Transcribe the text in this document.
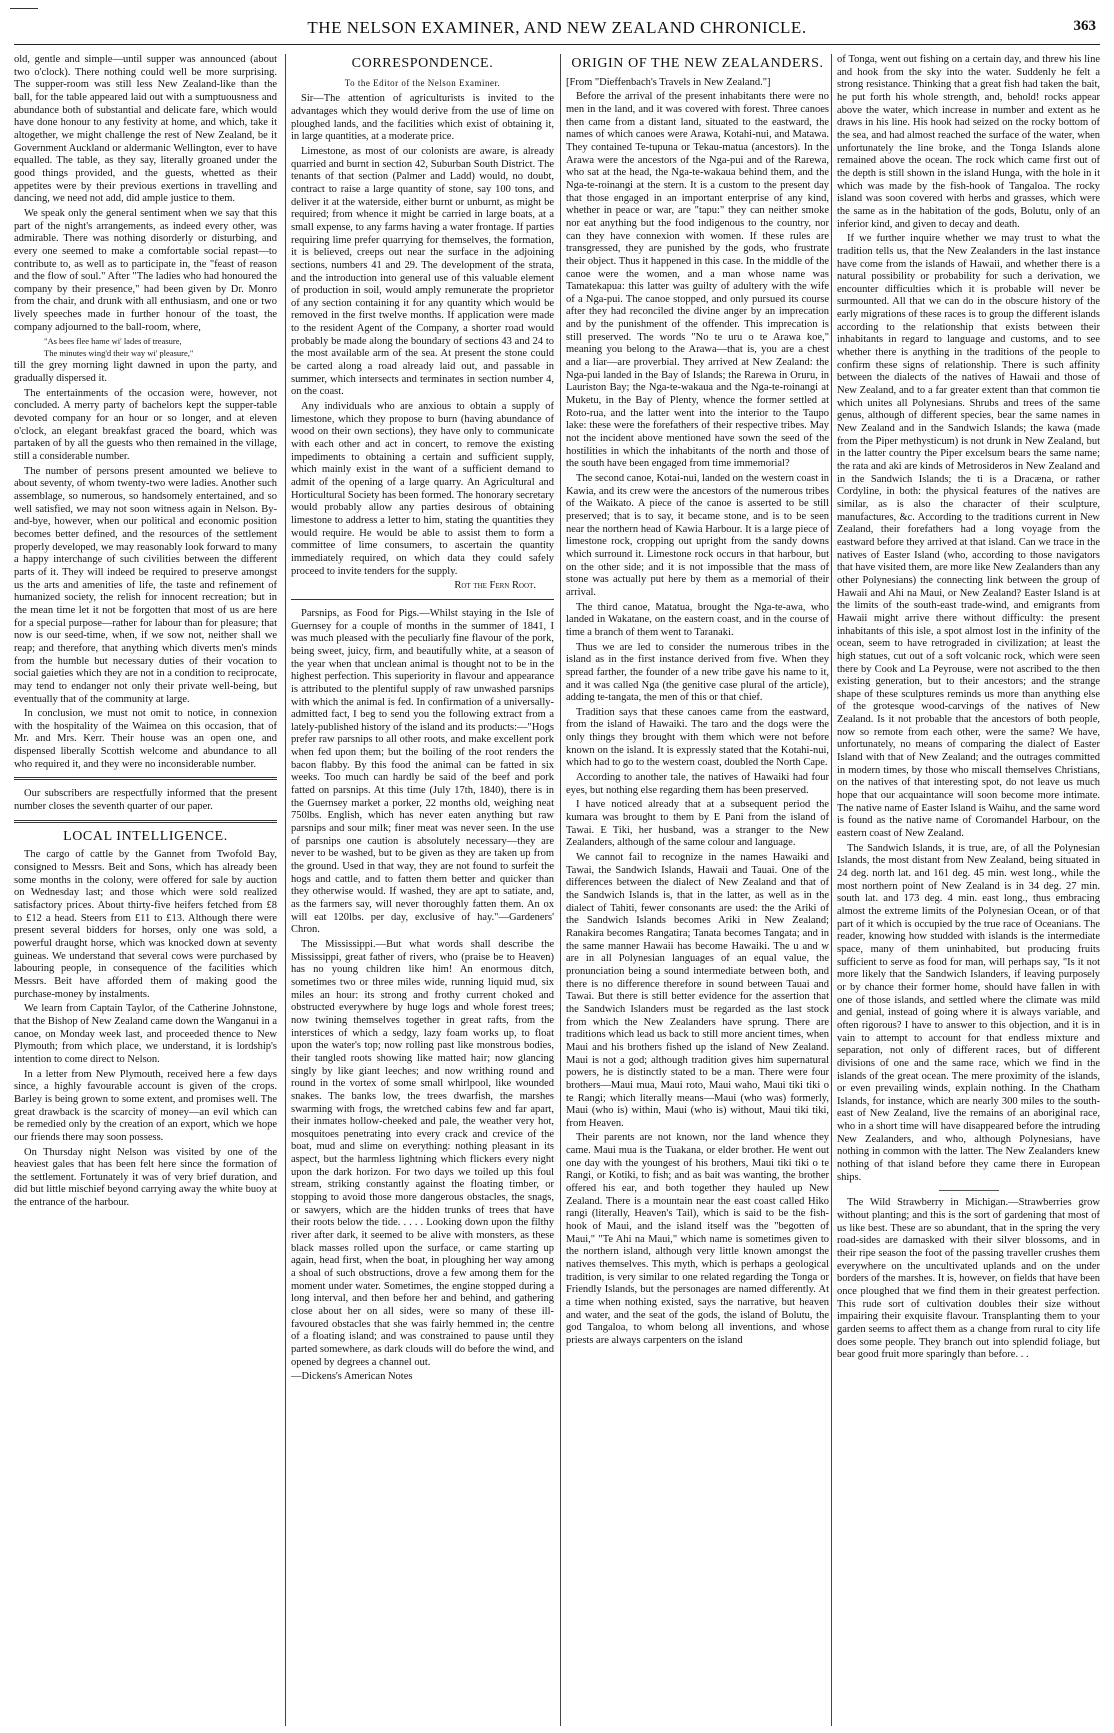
THE NELSON EXAMINER, AND NEW ZEALAND CHRONICLE.	363

old, gentle and simple—until supper was announced (about two o'clock). There nothing could well be more surprising. The supper-room was still less New Zealand-like than the ball, for the table appeared laid out with a sumptuousness and abundance both of substantial and delicate fare, which would have done honour to any festivity at home, and which, take it altogether, we might challenge the rest of New Zealand, be it Government Auckland or aldermanic Wellington, ever to have equalled. The table, as they say, literally groaned under the good things provided, and the guests, whetted as their appetites were by their previous exertions in travelling and dancing, we need not add, did ample justice to them.

We speak only the general sentiment when we say that this part of the night's arrangements, as indeed every other, was admirable. There was nothing disorderly or disturbing, and every one seemed to make a comfortable social repast—to contribute to, as well as to participate in, the "feast of reason and the flow of soul." After "The ladies who had honoured the company by their presence," had been given by Dr. Monro from the chair, and drunk with all enthusiasm, and one or two lively speeches made in further honour of the toast, the company adjourned to the ball-room, where,

"As bees flee hame wi' lades of treasure,

The minutes wing'd their way wi' pleasure,"

till the grey morning light dawned in upon the party, and gradually dispersed it.

The entertainments of the occasion were, however, not concluded. A merry party of bachelors kept the supper-table devoted company for an hour or so longer, and at eleven o'clock, an elegant breakfast graced the board, which was partaken of by all the guests who then remained in the village, still a considerable number.

The number of persons present amounted we believe to about seventy, of whom twenty-two were ladies. Another such assemblage, so numerous, so handsomely entertained, and so well satisfied, we may not soon witness again in Nelson. By-and-bye, however, when our political and economic position becomes better defined, and the resources of the settlement properly developed, we may reasonably look forward to many a happy interchange of such civilities between the different parts of it. They will indeed be required to preserve amongst us the arts and amenities of life, the taste and refinement of humanized society, the relish for innocent recreation; but in the mean time let it not be forgotten that most of us are here for a special purpose—rather for labour than for pleasure; that now is our seed-time, when, if we sow not, neither shall we reap; and therefore, that anything which diverts men's minds from the humble but necessary duties of their vocation to social gaieties which they are not in a condition to reciprocate, may tend to endanger not only their private well-being, but eventually that of the community at large.

In conclusion, we must not omit to notice, in connexion with the hospitality of the Waimea on this occasion, that of Mr. and Mrs. Kerr. Their house was an open one, and dispensed liberally Scottish welcome and abundance to all who required it, and they were no inconsiderable number.

Our subscribers are respectfully informed that the present number closes the seventh quarter of our paper.

LOCAL INTELLIGENCE.

The cargo of cattle by the Gannet from Twofold Bay, consigned to Messrs. Beit and Sons, which has already been some months in the colony, were offered for sale by auction on Wednesday last; and those which were sold realized satisfactory prices. About thirty-five heifers fetched from £8 to £12 a head. Steers from £11 to £13. Although there were present several bidders for horses, only one was sold, a powerful draught horse, which was knocked down at seventy guineas. We understand that several cows were purchased by labouring people, in consequence of the facilities which Messrs. Beit have afforded them of making good the purchase-money by instalments.

We learn from Captain Taylor, of the Catherine Johnstone, that the Bishop of New Zealand came down the Wanganui in a canoe, on Monday week last, and proceeded thence to New Plymouth; from which place, we understand, it is lordship's intention to come direct to Nelson.

In a letter from New Plymouth, received here a few days since, a highly favourable account is given of the crops. Barley is being grown to some extent, and promises well. The great drawback is the scarcity of money—an evil which can be remedied only by the creation of an export, which we hope our friends there may soon possess.

On Thursday night Nelson was visited by one of the heaviest gales that has been felt here since the formation of the settlement. Fortunately it was of very brief duration, and did but little mischief beyond carrying away the white buoy at the entrance of the harbour.

CORRESPONDENCE.
To the Editor of the Nelson Examiner.

Sir—The attention of agriculturists is invited to the advantages which they would derive from the use of lime on ploughed lands, and the facilities which exist of obtaining it, in large quantities, at a moderate price.

Limestone, as most of our colonists are aware, is already quarried and burnt in section 42, Suburban South District. The tenants of that section (Palmer and Ladd) would, no doubt, contract to raise a large quantity of stone, say 100 tons, and deliver it at the waterside, either burnt or unburnt, as might be required; from whence it might be carried in large boats, at a small expense, to any farms having a water frontage. If parties requiring lime prefer quarrying for themselves, the formation, it is believed, creeps out near the surface in the adjoining sections, numbers 41 and 29. The development of the strata, and the introduction into general use of this valuable element of production in soil, would amply remunerate the proprietor of any section containing it for any quantity which would be removed in the first twelve months. If application were made to the resident Agent of the Company, a shorter road would probably be made along the boundary of sections 43 and 24 to the most available arm of the sea. At present the stone could be carted along a road already laid out, and passable in summer, which intersects and terminates in section number 4, on the coast.

Any individuals who are anxious to obtain a supply of limestone, which they propose to burn (having abundance of wood on their own sections), they have only to communicate with each other and act in concert, to remove the existing impediments to obtaining a certain and sufficient supply, which mainly exist in the want of a sufficient demand to admit of the opening of a large quarry. An Agricultural and Horticultural Society has been formed. The honorary secretary would probably allow any parties desirous of obtaining limestone to address a letter to him, stating the quantities they would require. He would be able to assist them to form a committee of lime consumers, to ascertain the quantity immediately required, on which data they could safely proceed to invite tenders for the supply.

Rot the Fern Root.

Parsnips, as Food for Pigs.—Whilst staying in the Isle of Guernsey for a couple of months in the summer of 1841, I was much pleased with the peculiarly fine flavour of the pork, being sweet, juicy, firm, and beautifully white, at a season of the year when that unclean animal is thought not to be in the highest perfection. This superiority in flavour and appearance is attributed to the plentiful supply of raw unwashed parsnips with which the animal is fed. In confirmation of a universally-admitted fact, I beg to send you the following extract from a lately-published history of the island and its products:—"Hogs prefer raw parsnips to all other roots, and make excellent pork when fed upon them; but the boiling of the root renders the bacon flabby. By this food the animal can be fatted in six weeks. Too much can hardly be said of the beef and pork fatted on parsnips. At this time (July 17th, 1840), there is in the Guernsey market a porker, 22 months old, weighing neat 750lbs. English, which has never eaten anything but raw parsnips and sour milk; finer meat was never seen. In the use of parsnips one caution is absolutely necessary—they are never to be washed, but to be given as they are taken up from the ground. Used in that way, they are not found to surfeit the hogs and cattle, and to fatten them better and quicker than they otherwise would. If washed, they are apt to satiate, and, as the farmers say, will never thoroughly fatten them. An ox will eat 120lbs. per day, exclusive of hay."—Gardeners' Chron.

The Mississippi.—But what words shall describe the Mississippi, great father of rivers, who (praise be to Heaven) has no young children like him! An enormous ditch, sometimes two or three miles wide, running liquid mud, six miles an hour: its strong and frothy current choked and obstructed everywhere by huge logs and whole forest trees; now twining themselves together in great rafts, from the interstices of which a sedgy, lazy foam works up, to float upon the water's top; now rolling past like monstrous bodies, their tangled roots showing like matted hair; now glancing singly by like giant leeches; and now writhing round and round in the vortex of some small whirlpool, like wounded snakes. The banks low, the trees dwarfish, the marshes swarming with frogs, the wretched cabins few and far apart, their inmates hollow-cheeked and pale, the weather very hot, mosquitoes penetrating into every crack and crevice of the boat, mud and slime on everything: nothing pleasant in its aspect, but the harmless lightning which flickers every night upon the dark horizon. For two days we toiled up this foul stream, striking constantly against the floating timber, or stopping to avoid those more dangerous obstacles, the snags, or sawyers, which are the hidden trunks of trees that have their roots below the tide. . . . . Looking down upon the filthy river after dark, it seemed to be alive with monsters, as these black masses rolled upon the surface, or came starting up again, head first, when the boat, in ploughing her way among a shoal of such obstructions, drove a few among them for the moment under water. Sometimes, the engine stopped during a long interval, and then before her and behind, and gathering close about her on all sides, were so many of these ill-favoured obstacles that she was fairly hemmed in; the centre of a floating island; and was constrained to pause until they parted somewhere, as dark clouds will do before the wind, and opened by degrees a channel out.

—Dickens's American Notes

ORIGIN OF THE NEW ZEALANDERS.

[From "Dieffenbach's Travels in New Zealand."]

Before the arrival of the present inhabitants there were no men in the land, and it was covered with forest. Three canoes then came from a distant land, situated to the eastward, the names of which canoes were Arawa, Kotahi-nui, and Matawa. They contained Te-tupuna or Tekau-matua (ancestors). In the Arawa were the ancestors of the Nga-pui and of the Rarewa, who sat at the head, the Nga-te-wakaua behind them, and the Nga-te-roinangi at the stern. It is a custom to the present day that those engaged in an important enterprise of any kind, whether in peace or war, are "tapu:" they can neither smoke nor eat anything but the food indigenous to the country, nor can they have connexion with women. If these rules are transgressed, they are punished by the gods, who frustrate their object. Thus it happened in this case. In the middle of the canoe were the women, and a man whose name was Tamatekapua: this latter was guilty of adultery with the wife of a Nga-pui. The canoe stopped, and only pursued its course after they had reconciled the divine anger by an imprecation and by the punishment of the offender. This imprecation is still preserved. The words "No te uru o te Arawa koe," meaning you belong to the Arawa—that is, you are a chest and a liar—are proverbial. They arrived at New Zealand: the Nga-pui landed in the Bay of Islands; the Rarewa in Oruru, in Lauriston Bay; the Nga-te-wakaua and the Nga-te-roinangi at Muketu, in the Bay of Plenty, whence the former settled at Roto-rua, and the latter went into the interior to the Taupo lake: these were the forefathers of their respective tribes. May not the incident above mentioned have sown the seed of the hostilities in which the inhabitants of the north and those of the south have been engaged from time immemorial?

The second canoe, Kotai-nui, landed on the western coast in Kawia, and its crew were the ancestors of the numerous tribes of the Waikato. A piece of the canoe is asserted to be still preserved; that is to say, it became stone, and is to be seen near the northern head of Kawia Harbour. It is a large piece of limestone rock, cropping out upright from the sandy downs which surround it. Limestone rock occurs in that harbour, but on the other side; and it is not impossible that the mass of stone was actually put here by them as a memorial of their arrival.

The third canoe, Matatua, brought the Nga-te-awa, who landed in Wakatane, on the eastern coast, and in the course of time a branch of them went to Taranaki.

Thus we are led to consider the numerous tribes in the island as in the first instance derived from five. When they spread farther, the founder of a new tribe gave his name to it, and it was called Nga (the genitive case plural of the article), adding te-tangata, the men of this or that chief.

Tradition says that these canoes came from the eastward, from the island of Hawaiki. The taro and the dogs were the only things they brought with them which were not before known on the island. It is expressly stated that the Kotahi-nui, which had to go to the western coast, doubled the North Cape.

According to another tale, the natives of Hawaiki had four eyes, but nothing else regarding them has been preserved.

I have noticed already that at a subsequent period the kumara was brought to them by E Pani from the island of Tawai. E Tiki, her husband, was a stranger to the New Zealanders, although of the same colour and language.

We cannot fail to recognize in the names Hawaiki and Tawai, the Sandwich Islands, Hawaii and Tauai. One of the differences between the dialect of New Zealand and that of the Sandwich Islands is, that in the latter, as well as in the dialect of Tahiti, fewer consonants are used: the the Ariki of the Sandwich Islands becomes Ariki in New Zealand; Ranakira becomes Rangatira; Tanata becomes Tangata; and in the same manner Hawaii has become Hawaiki. The u and w are in all Polynesian languages of an equal value, the pronunciation being a sound intermediate between both, and there is no difference therefore in sound between Tauai and Tawai. But there is still better evidence for the assertion that the Sandwich Islanders must be regarded as the last stock from which the New Zealanders have sprung. There are traditions which lead us back to still more ancient times, when Maui and his brothers fished up the island of New Zealand. Maui is not a god; although tradition gives him supernatural powers, he is distinctly stated to be a man. There were four brothers—Maui mua, Maui roto, Maui waho, Maui tiki tiki o te Rangi; which literally means—Maui (who was) formerly, Maui (who is) within, Maui (who is) without, Maui tiki tiki, from Heaven.

Their parents are not known, nor the land whence they came. Maui mua is the Tuakana, or elder brother. He went out one day with the youngest of his brothers, Maui tiki tiki o te Rangi, or Kotiki, to fish; and as bait was wanting, the brother offered his ear, and both together they hauled up New Zealand. There is a mountain near the east coast called Hiko rangi (literally, Heaven's Tail), which is said to be the fish-hook of Maui, and the island itself was the "begotten of Maui," "Te Ahi na Maui," which name is sometimes given to the northern island, although very little known amongst the natives themselves. This myth, which is perhaps a geological tradition, is very similar to one related regarding the Tonga or Friendly Islands, but the personages are named differently. At a time when nothing existed, says the narrative, but heaven and water, and the seat of the gods, the island of Bolutu, the god Tangaloa, to whom belong all inventions, and whose priests are always carpenters on the island

of Tonga, went out fishing on a certain day, and threw his line and hook from the sky into the water. Suddenly he felt a strong resistance. Thinking that a great fish had taken the bait, he put forth his whole strength, and, behold! rocks appear above the water, which increase in number and extent as he draws in his line. His hook had seized on the rocky bottom of the sea, and had almost reached the surface of the water, when unfortunately the line broke, and the Tonga Islands alone remained above the ocean. The rock which came first out of the depth is still shown in the island Hunga, with the hole in it which was made by the fish-hook of Tangaloa. The rocky island was soon covered with herbs and grasses, which were the same as in the habitation of the gods, Bolutu, only of an inferior kind, and given to decay and death.

If we further inquire whether we may trust to what the tradition tells us, that the New Zealanders in the last instance have come from the islands of Hawaii, and whether there is a natural possibility or probability for such a derivation, we encounter difficulties which it is probable will never be surmounted. All that we can do in the obscure history of the early migrations of these races is to group the different islands according to the relationship that exists between their inhabitants in regard to language and customs, and to see whether there is anything in the traditions of the people to confirm these signs of relationship. There is such affinity between the dialects of the natives of Hawaii and those of New Zealand, and to a far greater extent than that common tie which unites all Polynesians. Shrubs and trees of the same genus, although of different species, bear the same names in New Zealand and in the Sandwich Islands; the kawa (made from the Piper methysticum) is not drunk in New Zealand, but in the latter country the Piper excelsum bears the same name; the rata and aki are kinds of Metrosideros in New Zealand and in the Sandwich Islands; the ti is a Dracæna, or rather Cordyline, in both: the physical features of the natives are similar, as is also the character of their sculpture, manufactures, &c. According to the traditions current in New Zealand, their forefathers had a long voyage from the eastward before they arrived at that island. Can we trace in the natives of Easter Island (who, according to those navigators that have visited them, are more like New Zealanders than any other Polynesians) the connecting link between the group of Hawaii and Ahi na Maui, or New Zealand? Easter Island is at the limits of the south-east trade-wind, and emigrants from Hawaii might arrive there without difficulty: the present inhabitants of this isle, a spot almost lost in the infinity of the ocean, seem to have retrograded in civilization; at least the high statues, cut out of a soft volcanic rock, which were seen there by Cook and La Peyrouse, were not ascribed to the then existing generation, but to their ancestors; and the strange shape of these sculptures reminds us more than anything else of the grotesque wood-carvings of the natives of New Zealand. Is it not probable that the ancestors of both people, now so remote from each other, were the same? We have, unfortunately, no means of comparing the dialect of Easter Island with that of New Zealand; and the outrages committed in modern times, by those who miscall themselves Christians, on the natives of that interesting spot, do not leave us much hope that our acquaintance will soon become more intimate. The native name of Easter Island is Waihu, and the same word is found as the native name of Coromandel Harbour, on the eastern coast of New Zealand.

The Sandwich Islands, it is true, are, of all the Polynesian Islands, the most distant from New Zealand, being situated in 24 deg. north lat. and 161 deg. 45 min. west long., while the most northern point of New Zealand is in 34 deg. 27 min. south lat. and 173 deg. 4 min. east long., thus embracing almost the extreme limits of the Polynesian Ocean, or of that part of it which is occupied by the true race of Oceanians. The reader, knowing how studded with islands is the intermediate space, many of them uninhabited, but producing fruits sufficient to serve as food for man, will perhaps say, "Is it not more likely that the Sandwich Islanders, if leaving purposely or by chance their former home, should have fallen in with one of those islands, and settled where the climate was mild and genial, instead of going where it is always variable, and often rigorous? I have to answer to this objection, and it is in vain to attempt to account for that endless mixture and separation, not only of different races, but of different divisions of one and the same race, which we find in the islands of the great ocean. The mere proximity of the islands, or even prevailing winds, explain nothing. In the Chatham Islands, for instance, which are nearly 300 miles to the south-east of New Zealand, live the remains of an aboriginal race, who in a short time will have disappeared before the intruding New Zealanders, and who, although Polynesians, have nothing in common with the latter. The New Zealanders knew nothing of that island before they came there in European ships.

The Wild Strawberry in Michigan.—Strawberries grow without planting; and this is the sort of gardening that most of us like best. These are so abundant, that in the spring the very road-sides are damasked with their silver blossoms, and in their ripe season the foot of the passing traveller crushes them everywhere on the uncultivated uplands and on the under borders of the marshes. It is, however, on fields that have been once ploughed that we find them in their greatest perfection. This rude sort of cultivation doubles their size without impairing their exquisite flavour. Transplanting them to your garden seems to affect them as a change from rural to city life does some people. They branch out into splendid foliage, but bear good fruit more sparingly than before. . .
